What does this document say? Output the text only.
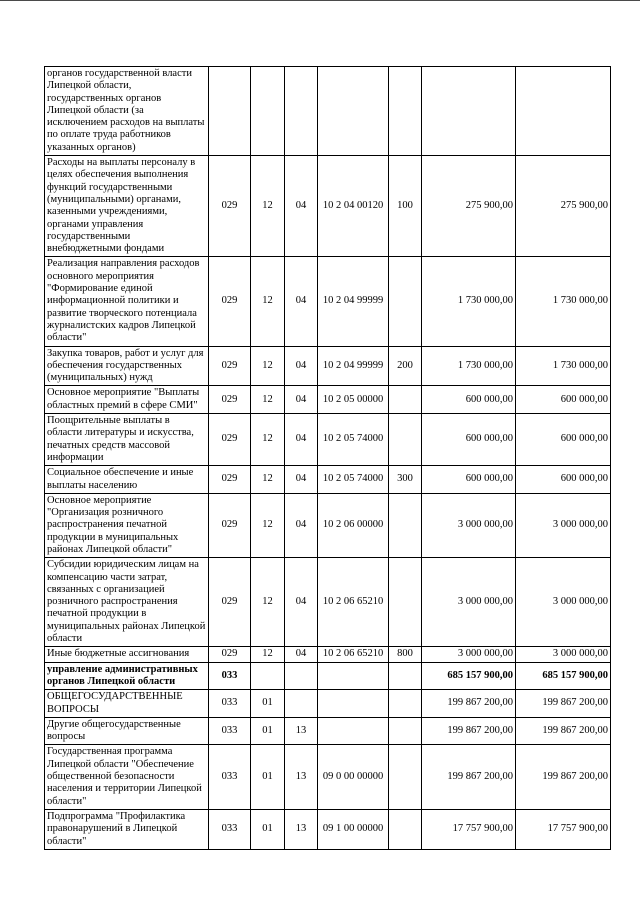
органов государственной власти Липецкой области, государственных органов Липецкой области (за исключением расходов на выплаты по оплате труда работников указанных органов)							
Расходы на выплаты персоналу в целях обеспечения выполнения функций государственными (муниципальными) органами, казенными учреждениями, органами управления государственными внебюджетными фондами	029	12	04	10 2 04 00120	100	275 900,00	275 900,00
Реализация направления расходов основного мероприятия "Формирование единой информационной политики и развитие творческого потенциала журналистских кадров Липецкой области"	029	12	04	10 2 04 99999		1 730 000,00	1 730 000,00
Закупка товаров, работ и услуг для обеспечения государственных (муниципальных) нужд	029	12	04	10 2 04 99999	200	1 730 000,00	1 730 000,00
Основное мероприятие "Выплаты областных премий в сфере СМИ"	029	12	04	10 2 05 00000		600 000,00	600 000,00
Поощрительные выплаты в области литературы и искусства, печатных средств массовой информации	029	12	04	10 2 05 74000		600 000,00	600 000,00
Социальное обеспечение и иные выплаты населению	029	12	04	10 2 05 74000	300	600 000,00	600 000,00
Основное мероприятие "Организация розничного распространения печатной продукции в муниципальных районах Липецкой области"	029	12	04	10 2 06 00000		3 000 000,00	3 000 000,00
Субсидии юридическим лицам на компенсацию части затрат, связанных с организацией розничного распространения печатной продукции в муниципальных районах Липецкой области	029	12	04	10 2 06 65210		3 000 000,00	3 000 000,00
Иные бюджетные ассигнования	029	12	04	10 2 06 65210	800	3 000 000,00	3 000 000,00
управление административных органов Липецкой области	033					685 157 900,00	685 157 900,00
ОБЩЕГОСУДАРСТВЕННЫЕ ВОПРОСЫ	033	01				199 867 200,00	199 867 200,00
Другие общегосударственные вопросы	033	01	13			199 867 200,00	199 867 200,00
Государственная программа Липецкой области "Обеспечение общественной безопасности населения и территории Липецкой области"	033	01	13	09 0 00 00000		199 867 200,00	199 867 200,00
Подпрограмма "Профилактика правонарушений в Липецкой области"	033	01	13	09 1 00 00000		17 757 900,00	17 757 900,00
